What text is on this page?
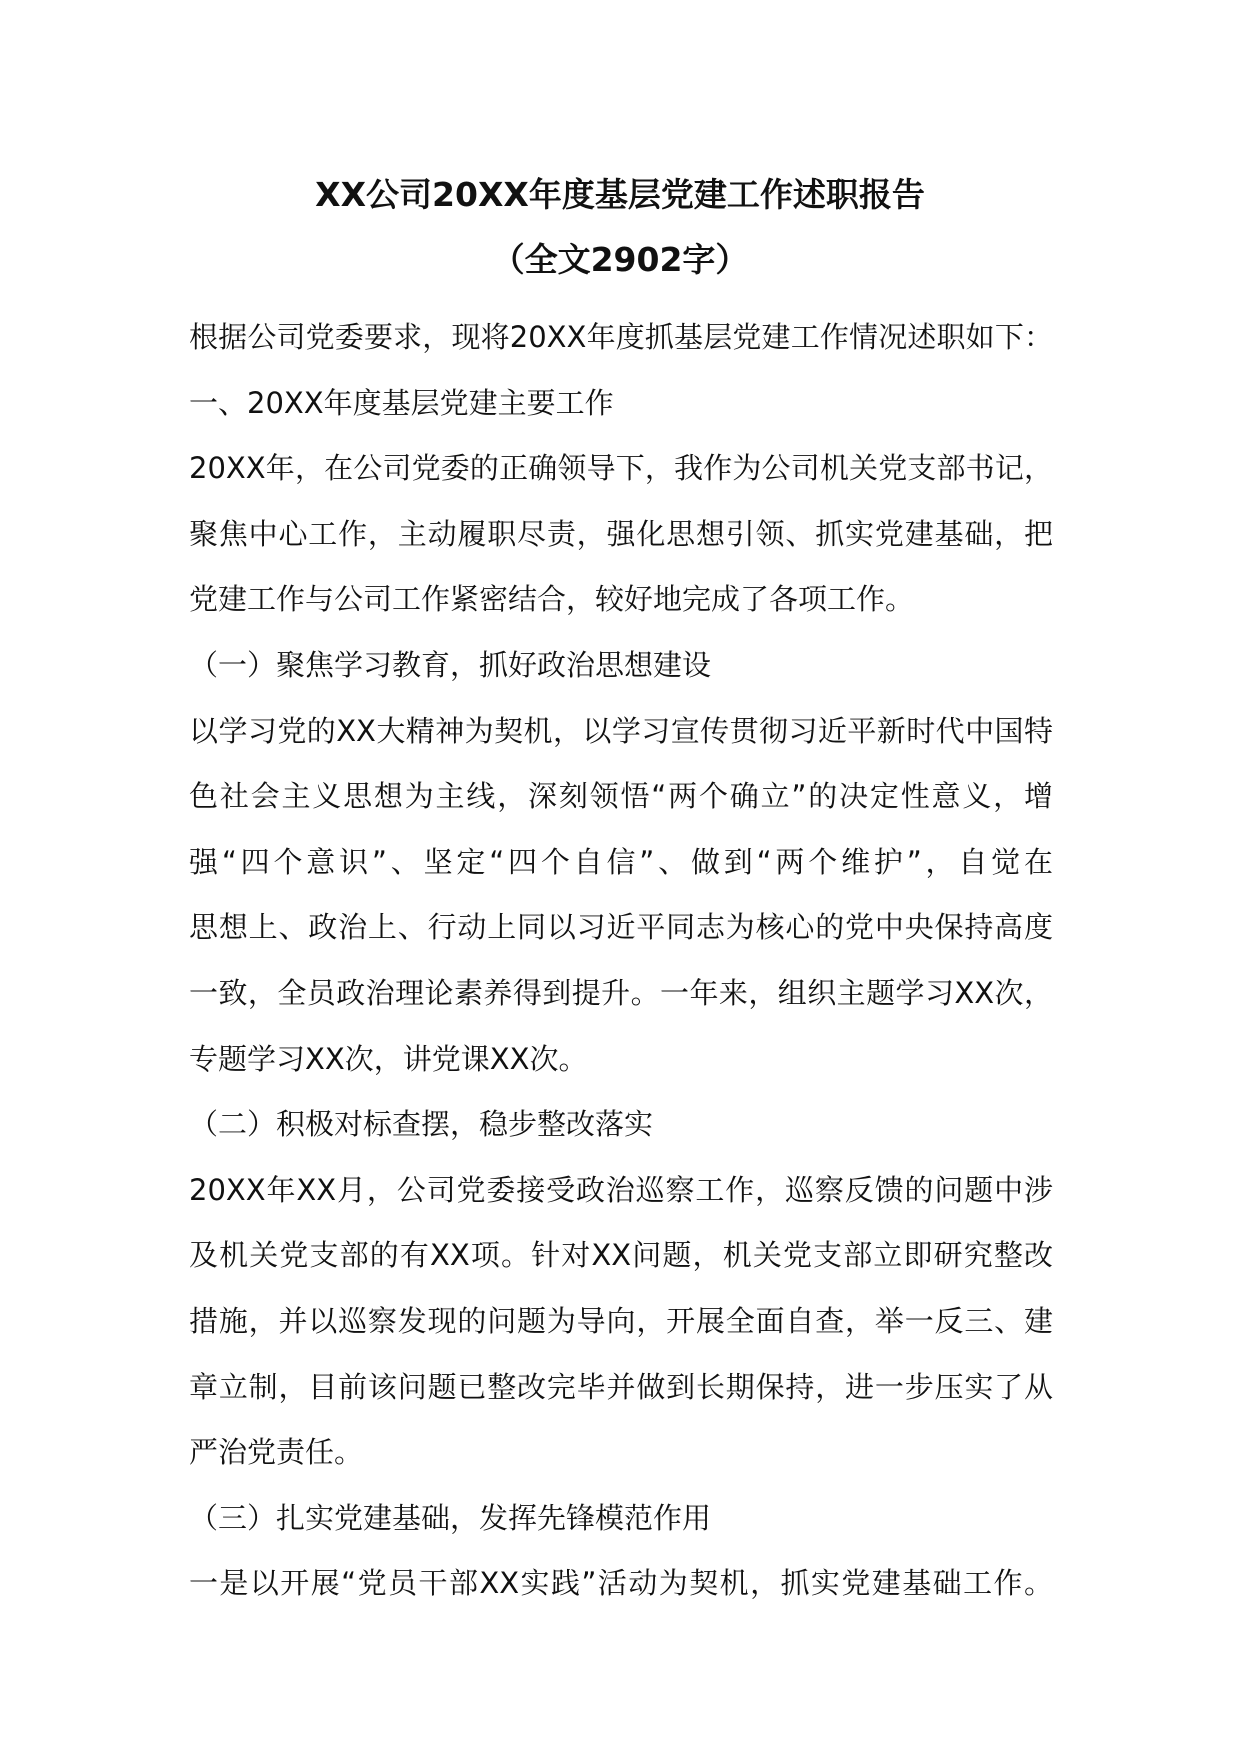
XX公司20XX年度基层党建工作述职报告
（全文2902字）
根据公司党委要求，现将20XX年度抓基层党建工作情况述职如下：
一、20XX年度基层党建主要工作
20XX年，在公司党委的正确领导下，我作为公司机关党支部书记，
聚焦中心工作，主动履职尽责，强化思想引领、抓实党建基础，把
党建工作与公司工作紧密结合，较好地完成了各项工作。
（一）聚焦学习教育，抓好政治思想建设
以学习党的XX大精神为契机，以学习宣传贯彻习近平新时代中国特
色社会主义思想为主线，深刻领悟“两个确立”的决定性意义，增
强“四个意识”、坚定“四个自信”、做到“两个维护”，自觉在
思想上、政治上、行动上同以习近平同志为核心的党中央保持高度
一致，全员政治理论素养得到提升。一年来，组织主题学习XX次，
专题学习XX次，讲党课XX次。
（二）积极对标查摆，稳步整改落实
20XX年XX月，公司党委接受政治巡察工作，巡察反馈的问题中涉
及机关党支部的有XX项。针对XX问题，机关党支部立即研究整改
措施，并以巡察发现的问题为导向，开展全面自查，举一反三、建
章立制，目前该问题已整改完毕并做到长期保持，进一步压实了从
严治党责任。
（三）扎实党建基础，发挥先锋模范作用
一是以开展“党员干部XX实践”活动为契机，抓实党建基础工作。
